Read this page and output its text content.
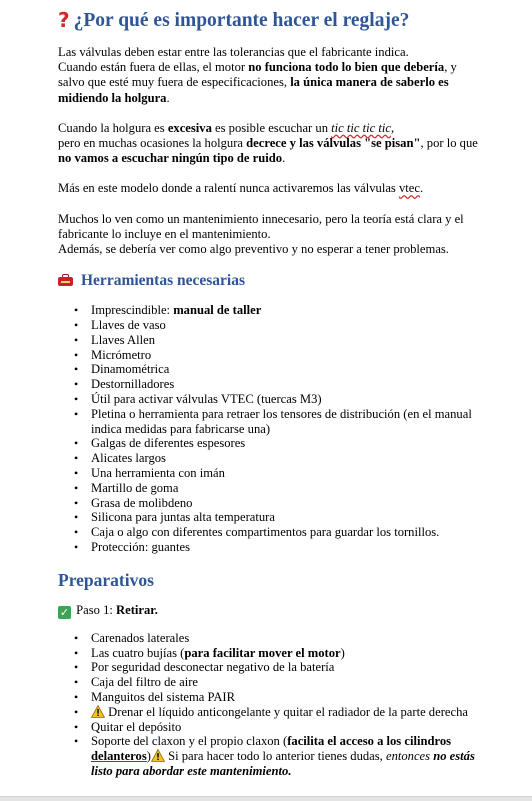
? ¿Por qué es importante hacer el reglaje?

Las válvulas deben estar entre las tolerancias que el fabricante indica.
Cuando están fuera de ellas, el motor no funciona todo lo bien que debería, y salvo que esté muy fuera de especificaciones, la única manera de saberlo es midiendo la holgura.

Cuando la holgura es excesiva es posible escuchar un tic tic tic tic,
pero en muchas ocasiones la holgura decrece y las válvulas "se pisan", por lo que no vamos a escuchar ningún tipo de ruido.

Más en este modelo donde a ralentí nunca activaremos las válvulas vtec.

Muchos lo ven como un mantenimiento innecesario, pero la teoría está clara y el fabricante lo incluye en el mantenimiento.
Además, se debería ver como algo preventivo y no esperar a tener problemas.

Herramientas necesarias
• Imprescindible: manual de taller
• Llaves de vaso
• Llaves Allen
• Micrómetro
• Dinamométrica
• Destornilladores
• Útil para activar válvulas VTEC (tuercas M3)
• Pletina o herramienta para retraer los tensores de distribución (en el manual indica medidas para fabricarse una)
• Galgas de diferentes espesores
• Alicates largos
• Una herramienta con imán
• Martillo de goma
• Grasa de molibdeno
• Silicona para juntas alta temperatura
• Caja o algo con diferentes compartimentos para guardar los tornillos.
• Protección: guantes
Preparativos

✓ Paso 1: Retirar.

• Carenados laterales
• Las cuatro bujías (para facilitar mover el motor)
• Por seguridad desconectar negativo de la batería
• Caja del filtro de aire
• Manguitos del sistema PAIR
• Drenar el líquido anticongelante y quitar el radiador de la parte derecha
• Quitar el depósito
• Soporte del claxon y el propio claxon (facilita el acceso a los cilindros delanteros) Si para hacer todo lo anterior tienes dudas, entonces no estás listo para abordar este mantenimiento.
